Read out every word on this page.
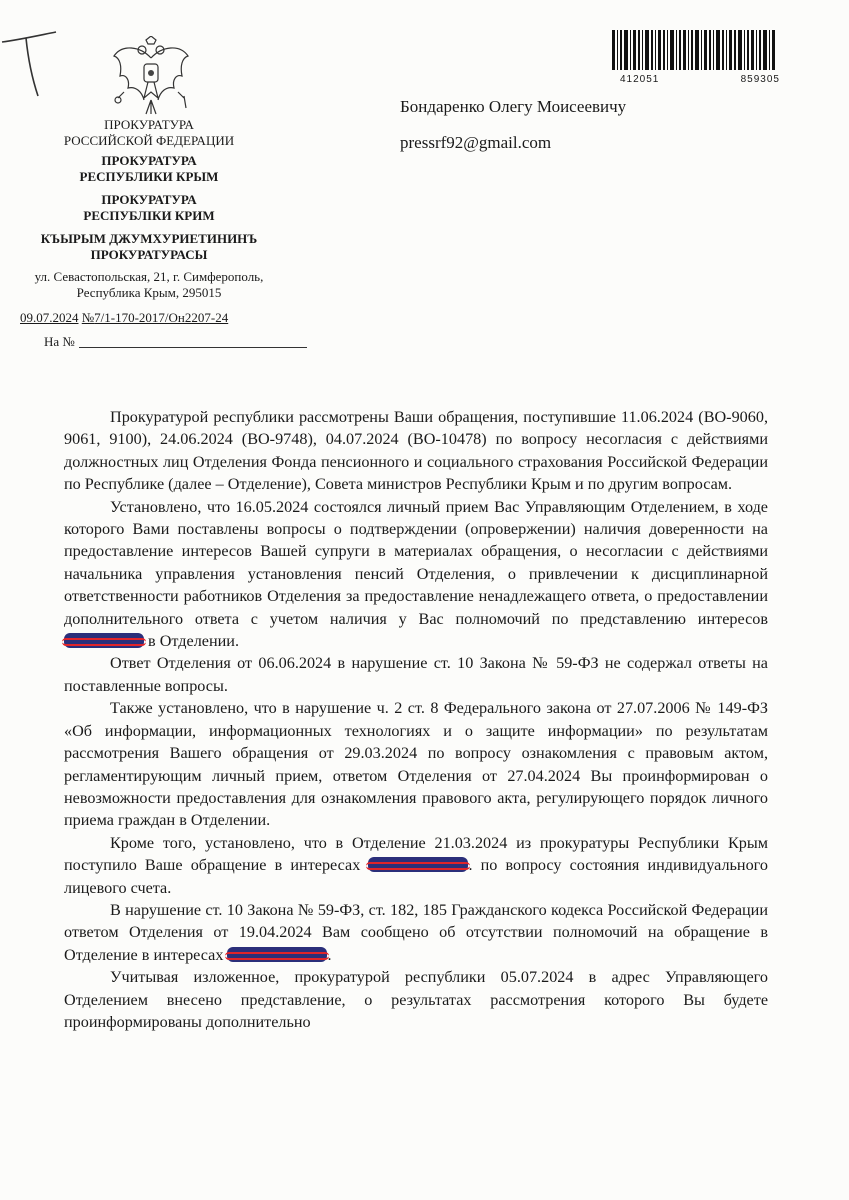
412051	859305
ПРОКУРАТУРА
РОССИЙСКОЙ ФЕДЕРАЦИИ
ПРОКУРАТУРА
РЕСПУБЛИКИ КРЫМ
ПРОКУРАТУРА
РЕСПУБЛІКИ КРИМ
КЪЫРЫМ ДЖУМХУРИЕТИНИНЪ
ПРОКУРАТУРАСЫ
ул. Севастопольская, 21, г. Симферополь,
Республика Крым, 295015
09.07.2024 №7/1-170-2017/Он2207-24
На №
Бондаренко Олегу Моисеевичу
pressrf92@gmail.com

Прокуратурой республики рассмотрены Ваши обращения, поступившие 11.06.2024 (ВО-9060, 9061, 9100), 24.06.2024 (ВО-9748), 04.07.2024 (ВО-10478) по вопросу несогласия с действиями должностных лиц Отделения Фонда пенсионного и социального страхования Российской Федерации по Республике (далее – Отделение), Совета министров Республики Крым и по другим вопросам.

Установлено, что 16.05.2024 состоялся личный прием Вас Управляющим Отделением, в ходе которого Вами поставлены вопросы о подтверждении (опровержении) наличия доверенности на предоставление интересов Вашей супруги в материалах обращения, о несогласии с действиями начальника управления установления пенсий Отделения, о привлечении к дисциплинарной ответственности работников Отделения за предоставление ненадлежащего ответа, о предоставлении дополнительного ответа с учетом наличия у Вас полномочий по представлению интересов  в Отделении.

Ответ Отделения от 06.06.2024 в нарушение ст. 10 Закона № 59-ФЗ не содержал ответы на поставленные вопросы.

Также установлено, что в нарушение ч. 2 ст. 8 Федерального закона от 27.07.2006 № 149-ФЗ «Об информации, информационных технологиях и о защите информации» по результатам рассмотрения Вашего обращения от 29.03.2024 по вопросу ознакомления с правовым актом, регламентирующим личный прием, ответом Отделения от 27.04.2024 Вы проинформирован о невозможности предоставления для ознакомления правового акта, регулирующего порядок личного приема граждан в Отделении.

Кроме того, установлено, что в Отделение 21.03.2024 из прокуратуры Республики Крым поступило Ваше обращение в интересах	. по вопросу состояния индивидуального лицевого счета.

В нарушение ст. 10 Закона № 59-ФЗ, ст. 182, 185 Гражданского кодекса Российской Федерации ответом Отделения от 19.04.2024 Вам сообщено об отсутствии полномочий на обращение в Отделение в интересах	.

Учитывая изложенное, прокуратурой республики 05.07.2024 в адрес Управляющего Отделением внесено представление, о результатах рассмотрения которого Вы будете проинформированы дополнительно
